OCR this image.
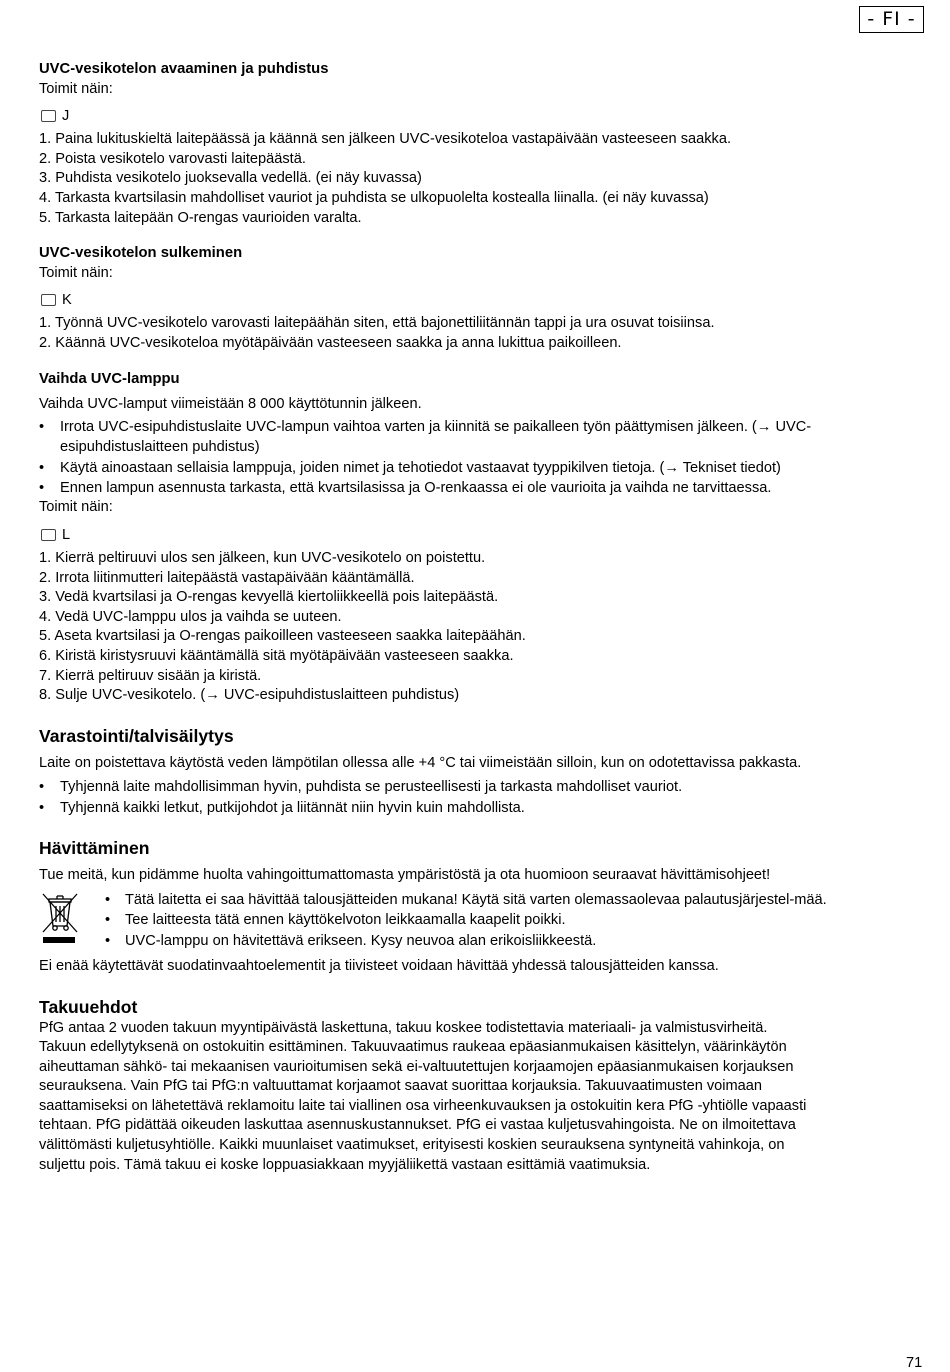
- FI -
UVC-vesikotelon avaaminen ja puhdistus

Toimit näin:

J
1. Paina lukituskieltä laitepäässä ja käännä sen jälkeen UVC-vesikoteloa vastapäivään vasteeseen saakka.
2. Poista vesikotelo varovasti laitepäästä.
3. Puhdista vesikotelo juoksevalla vedellä. (ei näy kuvassa)
4. Tarkasta kvartsilasin mahdolliset vauriot ja puhdista se ulkopuolelta kostealla liinalla. (ei näy kuvassa)
5. Tarkasta laitepään O-rengas vaurioiden varalta.
UVC-vesikotelon sulkeminen

Toimit näin:

K
1. Työnnä UVC-vesikotelo varovasti laitepäähän siten, että bajonettiliitännän tappi ja ura osuvat toisiinsa.
2. Käännä UVC-vesikoteloa myötäpäivään vasteeseen saakka ja anna lukittua paikoilleen.
Vaihda UVC-lamppu

Vaihda UVC-lamput viimeistään 8 000 käyttötunnin jälkeen.

• Irrota UVC-esipuhdistuslaite UVC-lampun vaihtoa varten ja kiinnitä se paikalleen työn päättymisen jälkeen. (→ UVC-esipuhdistuslaitteen puhdistus)
• Käytä ainoastaan sellaisia lamppuja, joiden nimet ja tehotiedot vastaavat tyyppikilven tietoja. (→ Tekniset tiedot)
• Ennen lampun asennusta tarkasta, että kvartsilasissa ja O-renkaassa ei ole vaurioita ja vaihda ne tarvittaessa.

Toimit näin:

L
1. Kierrä peltiruuvi ulos sen jälkeen, kun UVC-vesikotelo on poistettu.
2. Irrota liitinmutteri laitepäästä vastapäivään kääntämällä.
3. Vedä kvartsilasi ja O-rengas kevyellä kiertoliikkeellä pois laitepäästä.
4. Vedä UVC-lamppu ulos ja vaihda se uuteen.
5. Aseta kvartsilasi ja O-rengas paikoilleen vasteeseen saakka laitepäähän.
6. Kiristä kiristysruuvi kääntämällä sitä myötäpäivään vasteeseen saakka.
7. Kierrä peltiruuv sisään ja kiristä.
8. Sulje UVC-vesikotelo. (→ UVC-esipuhdistuslaitteen puhdistus)
Varastointi/talvisäilytys

Laite on poistettava käytöstä veden lämpötilan ollessa alle +4 °C tai viimeistään silloin, kun on odotettavissa pakkasta.

• Tyhjennä laite mahdollisimman hyvin, puhdista se perusteellisesti ja tarkasta mahdolliset vauriot.
• Tyhjennä kaikki letkut, putkijohdot ja liitännät niin hyvin kuin mahdollista.
Hävittäminen

Tue meitä, kun pidämme huolta vahingoittumattomasta ympäristöstä ja ota huomioon seuraavat hävittämisohjeet!

• Tätä laitetta ei saa hävittää talousjätteiden mukana! Käytä sitä varten olemassaolevaa palautusjärjestel-mää.
• Tee laitteesta tätä ennen käyttökelvoton leikkaamalla kaapelit poikki.
• UVC-lamppu on hävitettävä erikseen. Kysy neuvoa alan erikoisliikkeestä.

Ei enää käytettävät suodatinvaahtoelementit ja tiivisteet voidaan hävittää yhdessä talousjätteiden kanssa.

Takuuehdot

PfG antaa 2 vuoden takuun myyntipäivästä laskettuna, takuu koskee todistettavia materiaali- ja valmistusvirheitä.

Takuun edellytyksenä on ostokuitin esittäminen. Takuuvaatimus raukeaa epäasianmukaisen käsittelyn, väärinkäytön

aiheuttaman sähkö- tai mekaanisen vaurioitumisen sekä ei-valtuutettujen korjaamojen epäasianmukaisen korjauksen

seurauksena. Vain PfG tai PfG:n valtuuttamat korjaamot saavat suorittaa korjauksia. Takuuvaatimusten voimaan

saattamiseksi on lähetettävä reklamoitu laite tai viallinen osa virheenkuvauksen ja ostokuitin kera PfG -yhtiölle vapaasti

tehtaan. PfG pidättää oikeuden laskuttaa asennuskustannukset. PfG ei vastaa kuljetusvahingoista. Ne on ilmoitettava

välittömästi kuljetusyhtiölle. Kaikki muunlaiset vaatimukset, erityisesti koskien seurauksena syntyneitä vahinkoja, on

suljettu pois. Tämä takuu ei koske loppuasiakkaan myyjäliikettä vastaan esittämiä vaatimuksia.

71
